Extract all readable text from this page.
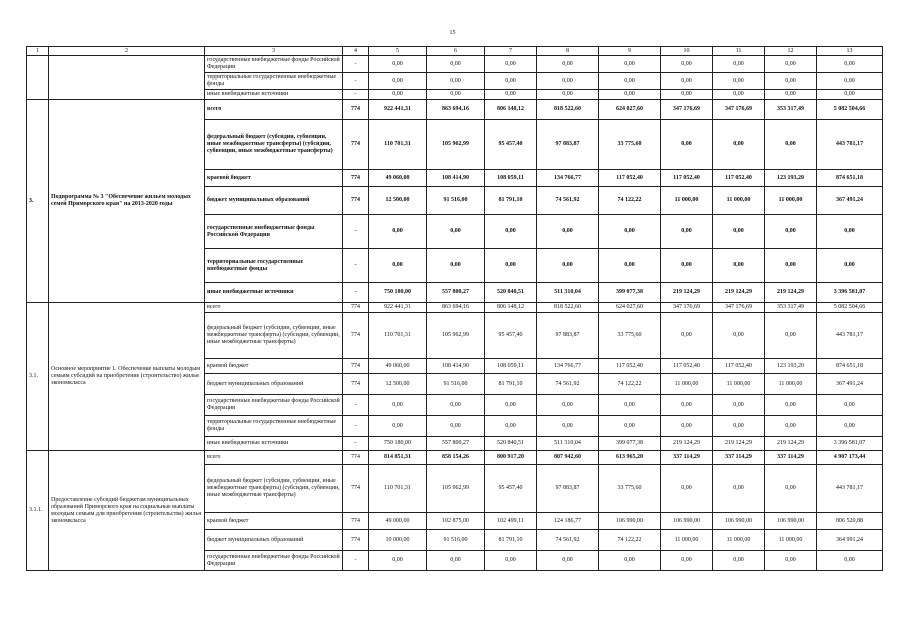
15
1	2	3	4	5	6	7	8	9	10	11	12	13
		государственные внебюджетные фонды Российской Федерации	-	0,00	0,00	0,00	0,00	0,00	0,00	0,00	0,00	0,00
		территориальные государственные внебюджетные фонды	-	0,00	0,00	0,00	0,00	0,00	0,00	0,00	0,00	0,00
		иные внебюджетные источники	-	0,00	0,00	0,00	0,00	0,00	0,00	0,00	0,00	0,00
3.	Подпрограмма № 3 "Обеспечение жильем молодых семей Приморского края" на 2013-2020 годы	всего	774	922 441,31	863 694,16	806 148,12	818 522,60	624 027,60	347 176,69	347 176,69	353 317,49	5 082 504,66
		федеральный бюджет (субсидии, субвенции, иные межбюджетные трансферты) (субсидии, субвенции, иные межбюджетные трансферты)	774	110 701,31	105 962,99	95 457,40	97 883,87	33 775,60	0,00	0,00	0,00	443 781,17
		краевой бюджет	774	49 060,00	108 414,90	108 059,11	134 766,77	117 052,40	117 052,40	117 052,40	123 193,20	874 651,18
		бюджет муниципальных образований	774	12 500,00	91 516,00	81 791,10	74 561,92	74 122,22	11 000,00	11 000,00	11 000,00	367 491,24
		государственные внебюджетные фонды Российской Федерации	-	0,00	0,00	0,00	0,00	0,00	0,00	0,00	0,00	0,00
		территориальные государственные внебюджетные фонды	-	0,00	0,00	0,00	0,00	0,00	0,00	0,00	0,00	0,00
		иные внебюджетные источники	-	750 180,00	557 800,27	520 840,51	511 310,04	399 077,38	219 124,29	219 124,29	219 124,29	3 396 581,07
3.1.	Основное мероприятие 1. Обеспечение выплаты молодым семьям субсидий на приобретение (строительство) жилья экономкласса	всего	774	922 441,31	863 694,16	806 148,12	818 522,60	624 027,60	347 176,69	347 176,69	353 317,49	5 082 504,66
		федеральный бюджет (субсидии, субвенции, иные межбюджетные трансферты) (субсидии, субвенции, иные межбюджетные трансферты)	774	110 701,31	105 962,99	95 457,40	97 883,87	33 775,60	0,00	0,00	0,00	443 781,17
		краевой бюджет	774	49 060,00	108 414,90	108 059,11	134 766,77	117 052,40	117 052,40	117 052,40	123 193,20	874 651,18
		бюджет муниципальных образований	774	12 500,00	91 516,00	81 791,10	74 561,92	74 122,22	11 000,00	11 000,00	11 000,00	367 491,24
		государственные внебюджетные фонды Российской Федерации	-	0,00	0,00	0,00	0,00	0,00	0,00	0,00	0,00	0,00
		территориальные государственные внебюджетные фонды	-	0,00	0,00	0,00	0,00	0,00	0,00	0,00	0,00	0,00
		иные внебюджетные источники	-	750 180,00	557 800,27	520 840,51	511 310,04	399 077,38	219 124,29	219 124,29	219 124,29	3 396 581,07
3.1.1.	Предоставление субсидий бюджетам муниципальных образований Приморского края на социальные выплаты молодым семьям для приобретения (строительства) жилья экономкласса	всего	774	814 851,31	858 154,26	800 917,20	807 942,60	613 965,20	337 114,29	337 114,29	337 114,29	4 907 173,44
		федеральный бюджет (субсидии, субвенции, иные межбюджетные трансферты) (субсидии, субвенции, иные межбюджетные трансферты)	774	110 701,31	105 962,99	95 457,40	97 883,87	33 775,60	0,00	0,00	0,00	443 781,17
		краевой бюджет	774	49 000,00	102 875,00	102 499,11	124 186,77	106 990,00	106 990,00	106 990,00	106 990,00	806 520,88
		бюджет муниципальных образований	774	10 000,00	91 516,00	81 791,10	74 561,92	74 122,22	11 000,00	11 000,00	11 000,00	364 991,24
		государственные внебюджетные фонды Российской Федерации	-	0,00	0,00	0,00	0,00	0,00	0,00	0,00	0,00	0,00
